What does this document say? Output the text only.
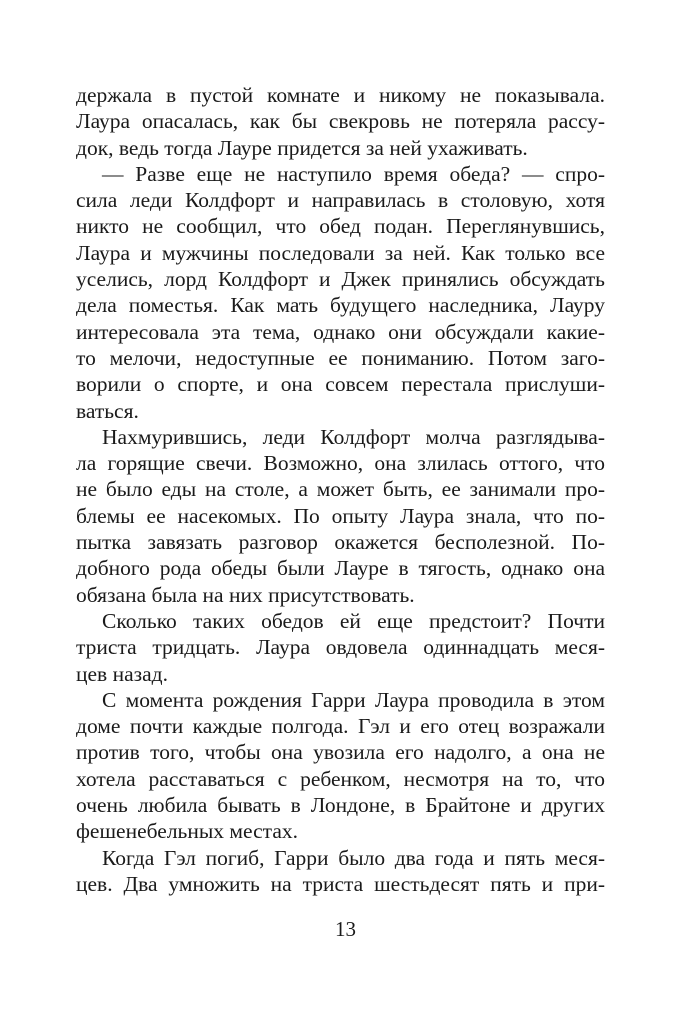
держала в пустой комнате и никому не показывала.
Лаура опасалась, как бы свекровь не потеряла рассу-
док, ведь тогда Лауре придется за ней ухаживать.
— Разве еще не наступило время обеда? — спро-
сила леди Колдфорт и направилась в столовую, хотя
никто не сообщил, что обед подан. Переглянувшись,
Лаура и мужчины последовали за ней. Как только все
уселись, лорд Колдфорт и Джек принялись обсуждать
дела поместья. Как мать будущего наследника, Лауру
интересовала эта тема, однако они обсуждали какие-
то мелочи, недоступные ее пониманию. Потом заго-
ворили о спорте, и она совсем перестала прислуши-
ваться.
Нахмурившись, леди Колдфорт молча разглядыва-
ла горящие свечи. Возможно, она злилась оттого, что
не было еды на столе, а может быть, ее занимали про-
блемы ее насекомых. По опыту Лаура знала, что по-
пытка завязать разговор окажется бесполезной. По-
добного рода обеды были Лауре в тягость, однако она
обязана была на них присутствовать.
Сколько таких обедов ей еще предстоит? Почти
триста тридцать. Лаура овдовела одиннадцать меся-
цев назад.
С момента рождения Гарри Лаура проводила в этом
доме почти каждые полгода. Гэл и его отец возражали
против того, чтобы она увозила его надолго, а она не
хотела расставаться с ребенком, несмотря на то, что
очень любила бывать в Лондоне, в Брайтоне и других
фешенебельных местах.
Когда Гэл погиб, Гарри было два года и пять меся-
цев. Два умножить на триста шестьдесят пять и при-
13
